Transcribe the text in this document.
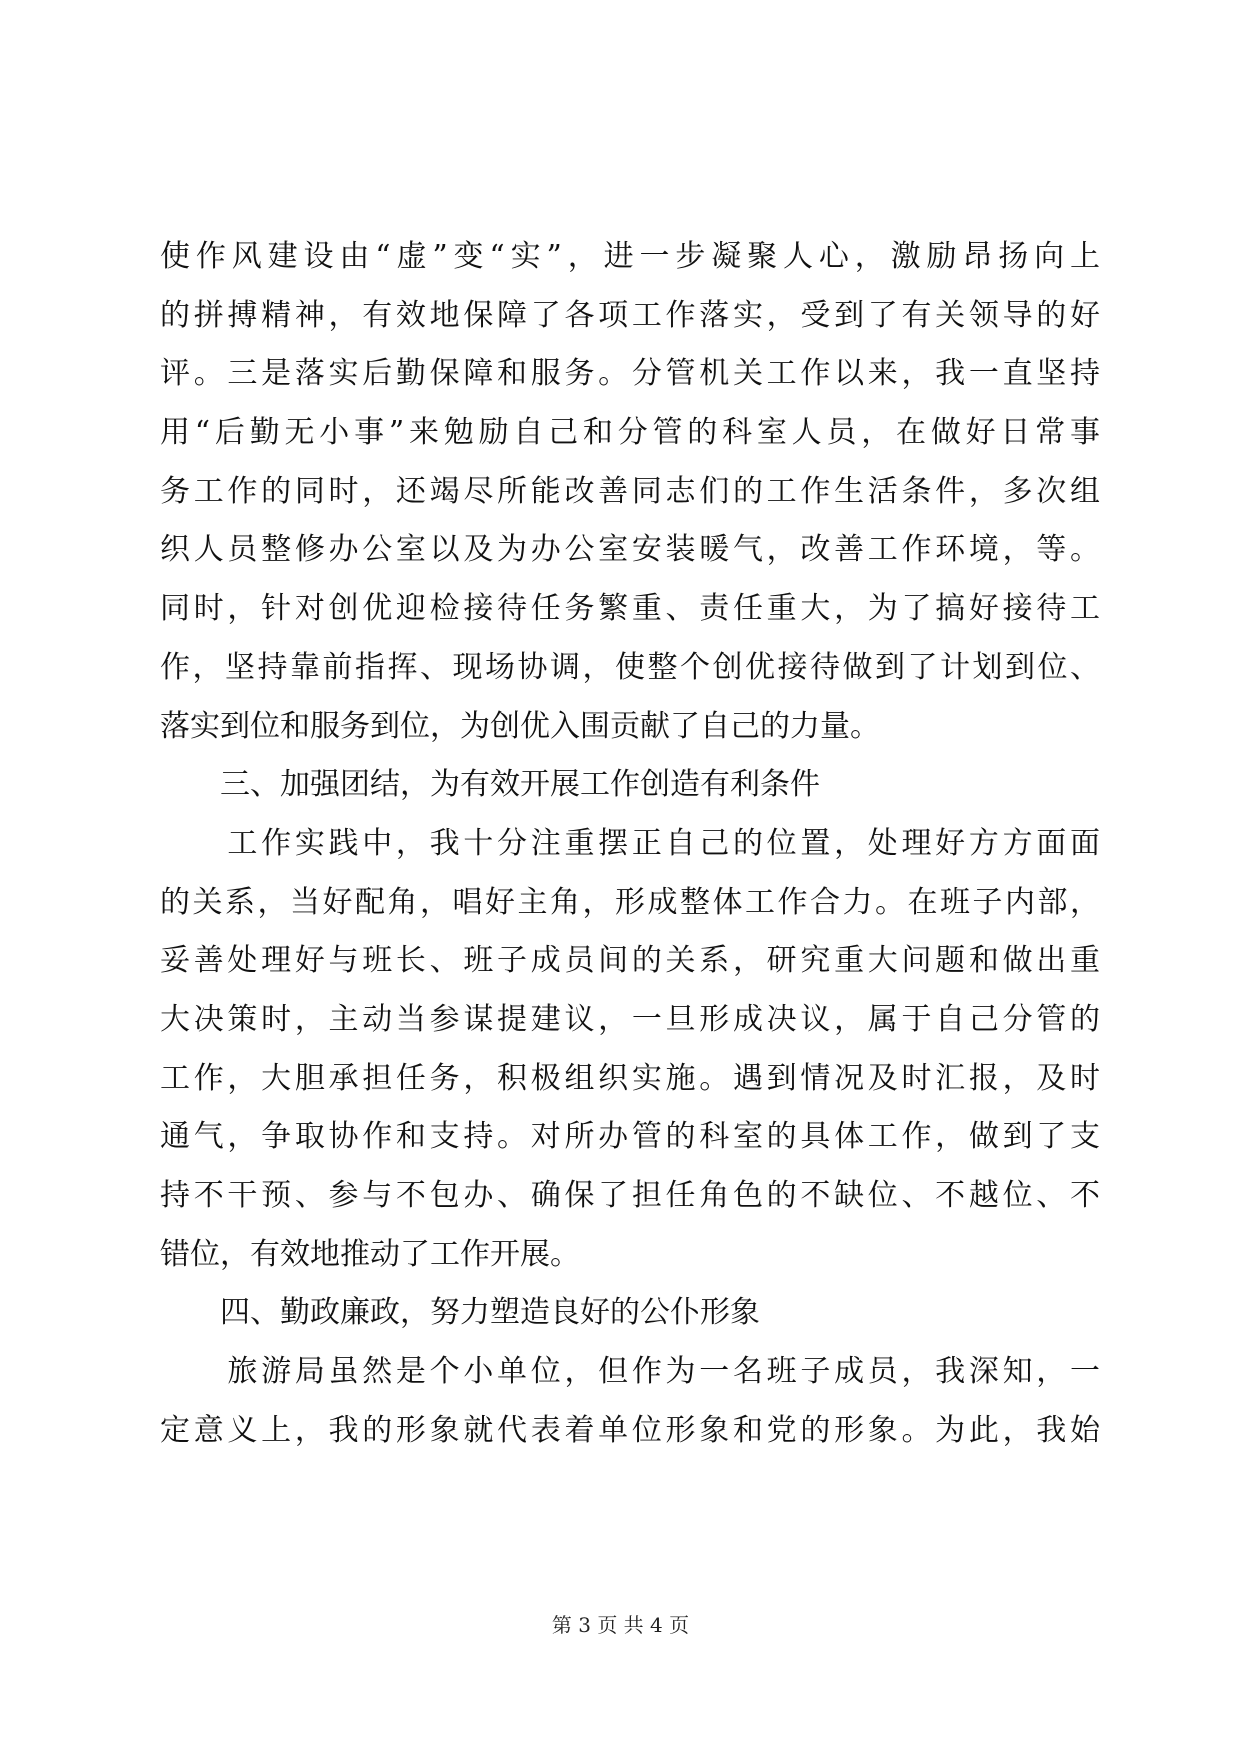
使作风建设由“虚”变“实”，进一步凝聚人心，激励昂扬向上
的拼搏精神，有效地保障了各项工作落实，受到了有关领导的好
评。三是落实后勤保障和服务。分管机关工作以来，我一直坚持
用“后勤无小事”来勉励自己和分管的科室人员，在做好日常事
务工作的同时，还竭尽所能改善同志们的工作生活条件，多次组
织人员整修办公室以及为办公室安装暖气，改善工作环境，等。
同时，针对创优迎检接待任务繁重、责任重大，为了搞好接待工
作，坚持靠前指挥、现场协调，使整个创优接待做到了计划到位、
落实到位和服务到位，为创优入围贡献了自己的力量。
　　三、加强团结，为有效开展工作创造有利条件
　　工作实践中，我十分注重摆正自己的位置，处理好方方面面
的关系，当好配角，唱好主角，形成整体工作合力。在班子内部，
妥善处理好与班长、班子成员间的关系，研究重大问题和做出重
大决策时，主动当参谋提建议，一旦形成决议，属于自己分管的
工作，大胆承担任务，积极组织实施。遇到情况及时汇报，及时
通气，争取协作和支持。对所办管的科室的具体工作，做到了支
持不干预、参与不包办、确保了担任角色的不缺位、不越位、不
错位，有效地推动了工作开展。
　　四、勤政廉政，努力塑造良好的公仆形象
　　旅游局虽然是个小单位，但作为一名班子成员，我深知，一
定意义上，我的形象就代表着单位形象和党的形象。为此，我始
第 3 页 共 4 页
